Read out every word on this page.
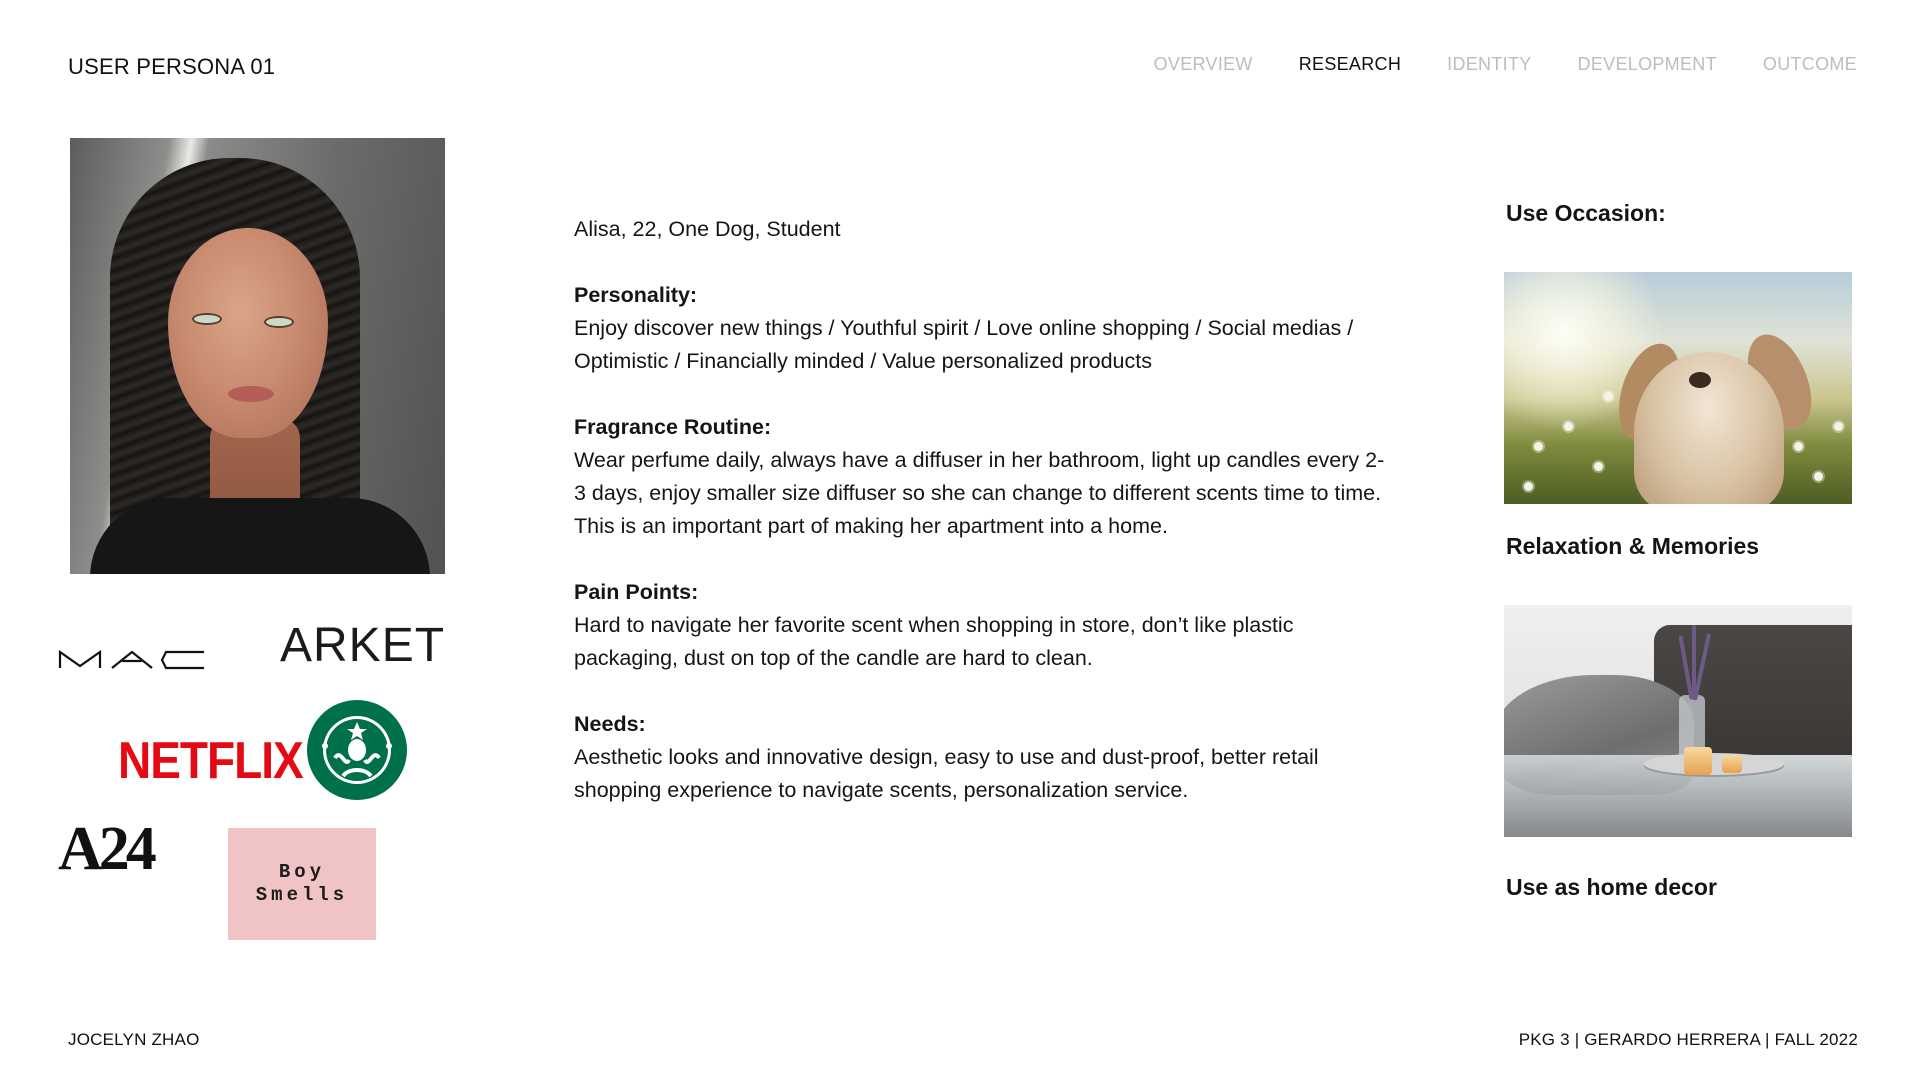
USER PERSONA 01	OVERVIEW	RESEARCH	IDENTITY	DEVELOPMENT	OUTCOME
ARKET
NETFLIX
A24	Boy
Smells

Alisa, 22, One Dog, Student

Personality:

Enjoy discover new things / Youthful spirit / Love online shopping / Social medias / Optimistic / Financially minded / Value personalized products

Fragrance Routine:

Wear perfume daily, always have a diffuser in her bathroom, light up candles every 2-3 days, enjoy smaller size diffuser so she can change to different scents time to time. This is an important part of making her apartment into a home.

Pain Points:

Hard to navigate her favorite scent when shopping in store, don’t like plastic packaging, dust on top of the candle are hard to clean.

Needs:

Aesthetic looks and innovative design, easy to use and dust-proof, better retail shopping experience to navigate scents, personalization service.

Use Occasion:
Relaxation & Memories
Use as home decor
JOCELYN ZHAO	PKG 3 | GERARDO HERRERA | FALL 2022
